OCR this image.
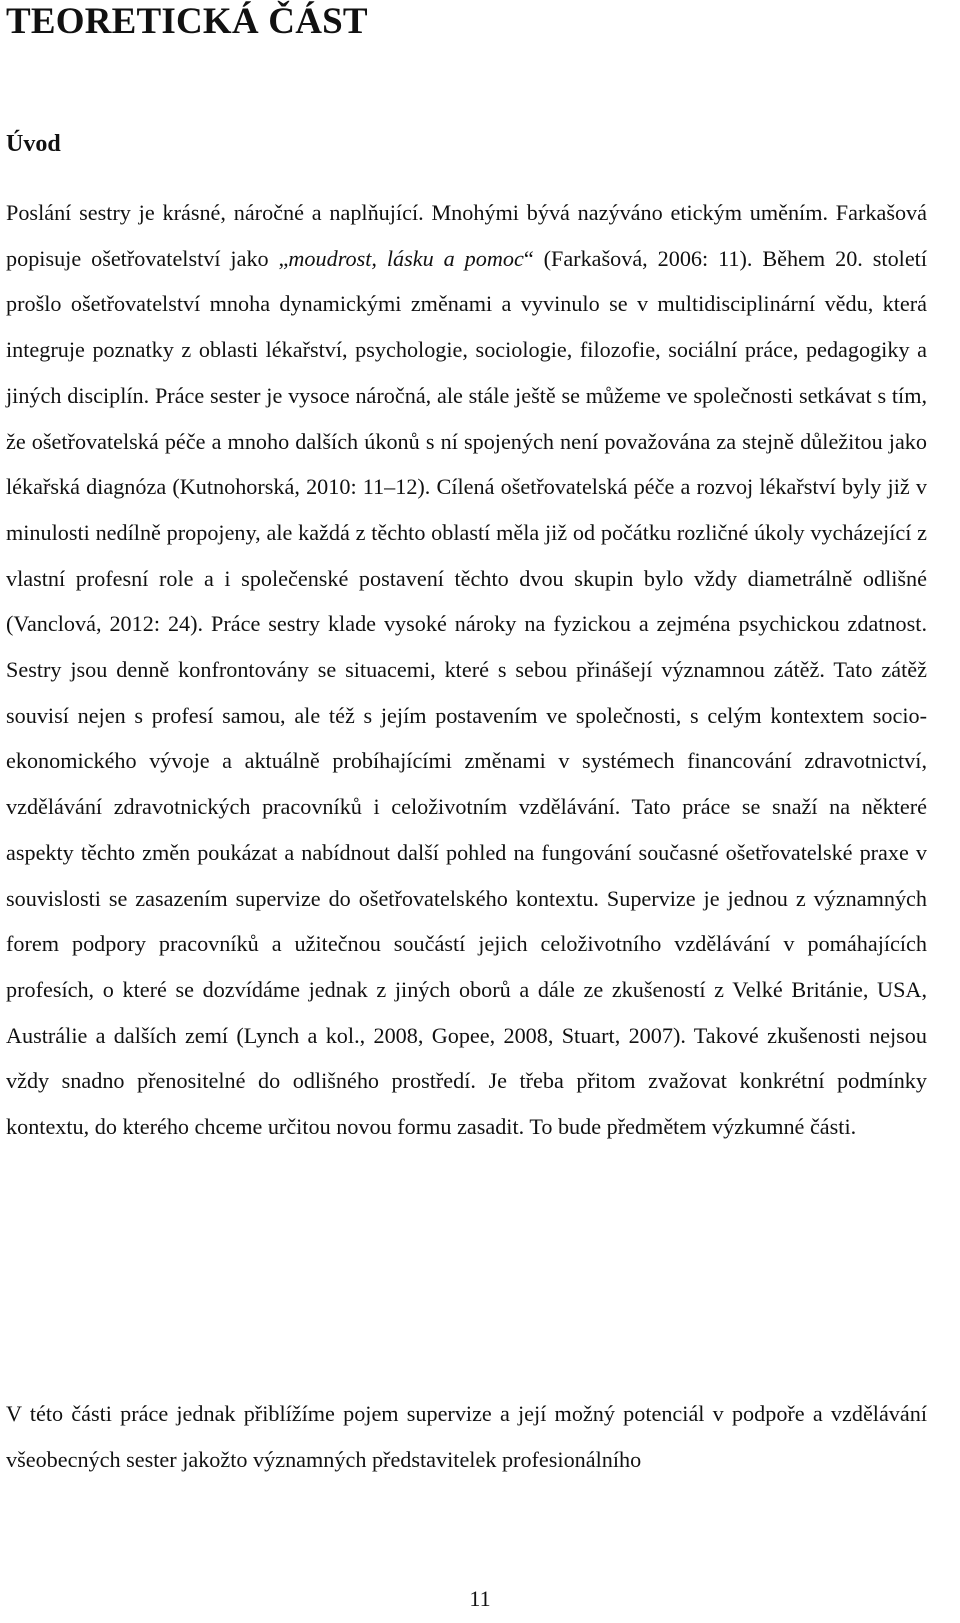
TEORETICKÁ ČÁST
Úvod

Poslání sestry je krásné, náročné a naplňující. Mnohými bývá nazýváno etickým uměním. Farkašová popisuje ošetřovatelství jako „moudrost, lásku a pomoc“ (Farkašová, 2006: 11). Během 20. století prošlo ošetřovatelství mnoha dynamickými změnami a vyvinulo se v multidisciplinární vědu, která integruje poznatky z oblasti lékařství, psychologie, sociologie, filozofie, sociální práce, pedagogiky a jiných disciplín. Práce sester je vysoce náročná, ale stále ještě se můžeme ve společnosti setkávat s tím, že ošetřovatelská péče a mnoho dalších úkonů s ní spojených není považována za stejně důležitou jako lékařská diagnóza (Kutnohorská, 2010: 11–12). Cílená ošetřovatelská péče a rozvoj lékařství byly již v minulosti nedílně propojeny, ale každá z těchto oblastí měla již od počátku rozličné úkoly vycházející z vlastní profesní role a i společenské postavení těchto dvou skupin bylo vždy diametrálně odlišné (Vanclová, 2012: 24). Práce sestry klade vysoké nároky na fyzickou a zejména psychickou zdatnost. Sestry jsou denně konfrontovány se situacemi, které s sebou přinášejí významnou zátěž. Tato zátěž souvisí nejen s profesí samou, ale též s jejím postavením ve společnosti, s celým kontextem socio-ekonomického vývoje a aktuálně probíhajícími změnami v systémech financování zdravotnictví, vzdělávání zdravotnických pracovníků i celoživotním vzdělávání. Tato práce se snaží na některé aspekty těchto změn poukázat a nabídnout další pohled na fungování současné ošetřovatelské praxe v souvislosti se zasazením supervize do ošetřovatelského kontextu. Supervize je jednou z významných forem podpory pracovníků a užitečnou součástí jejich celoživotního vzdělávání v pomáhajících profesích, o které se dozvídáme jednak z jiných oborů a dále ze zkušeností z Velké Británie, USA, Austrálie a dalších zemí (Lynch a kol., 2008, Gopee, 2008, Stuart, 2007). Takové zkušenosti nejsou vždy snadno přenositelné do odlišného prostředí. Je třeba přitom zvažovat konkrétní podmínky kontextu, do kterého chceme určitou novou formu zasadit. To bude předmětem výzkumné části.

V této části práce jednak přiblížíme pojem supervize a její možný potenciál v podpoře a vzdělávání všeobecných sester jakožto významných představitelek profesionálního

11
